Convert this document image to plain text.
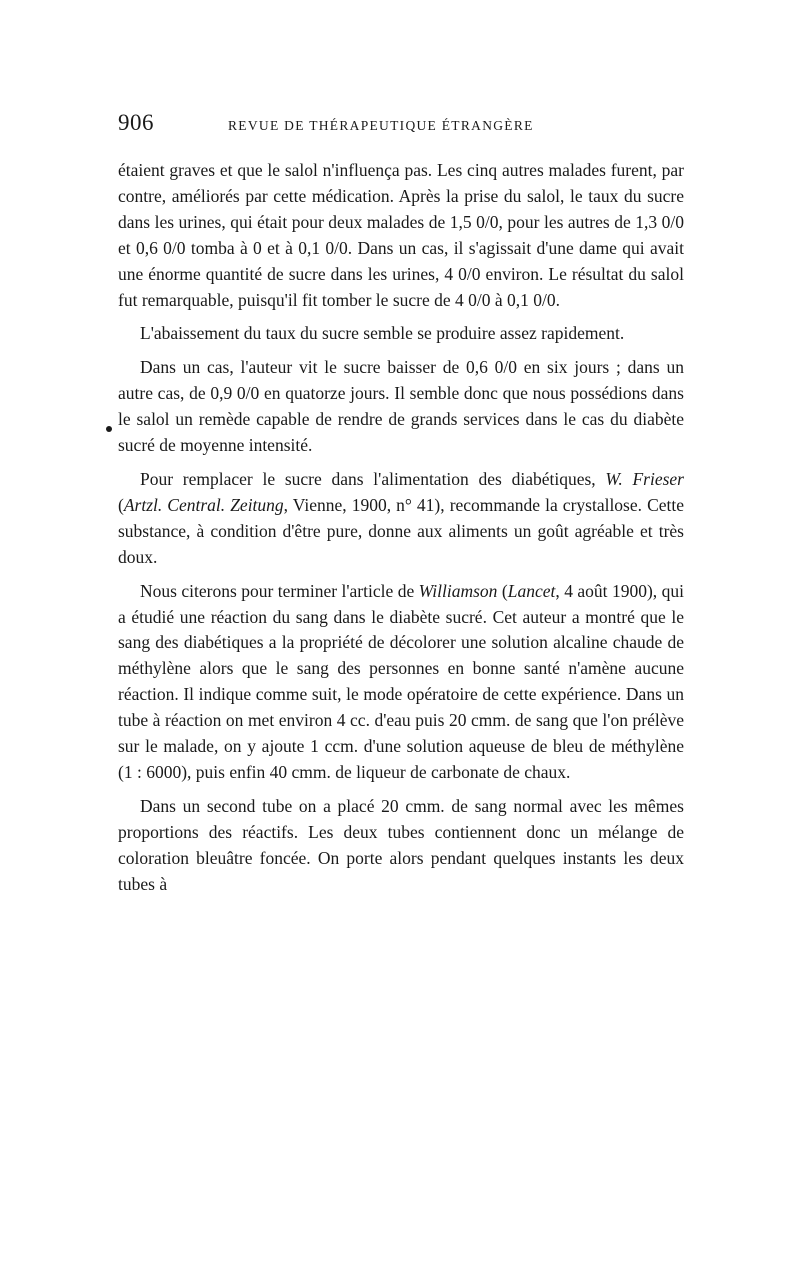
906	REVUE DE THÉRAPEUTIQUE ÉTRANGÈRE

étaient graves et que le salol n'influença pas. Les cinq autres malades furent, par contre, améliorés par cette médication. Après la prise du salol, le taux du sucre dans les urines, qui était pour deux malades de 1,5 0/0, pour les autres de 1,3 0/0 et 0,6 0/0 tomba à 0 et à 0,1 0/0. Dans un cas, il s'agissait d'une dame qui avait une énorme quantité de sucre dans les urines, 4 0/0 environ. Le résultat du salol fut remarquable, puisqu'il fit tomber le sucre de 4 0/0 à 0,1 0/0.

L'abaissement du taux du sucre semble se produire assez rapidement.

Dans un cas, l'auteur vit le sucre baisser de 0,6 0/0 en six jours ; dans un autre cas, de 0,9 0/0 en quatorze jours. Il semble donc que nous possédions dans le salol un remède capable de rendre de grands services dans le cas du diabète sucré de moyenne intensité.

Pour remplacer le sucre dans l'alimentation des diabétiques, W. Frieser (Artzl. Central. Zeitung, Vienne, 1900, n° 41), recommande la crystallose. Cette substance, à condition d'être pure, donne aux aliments un goût agréable et très doux.

Nous citerons pour terminer l'article de Williamson (Lancet, 4 août 1900), qui a étudié une réaction du sang dans le diabète sucré. Cet auteur a montré que le sang des diabétiques a la propriété de décolorer une solution alcaline chaude de méthylène alors que le sang des personnes en bonne santé n'amène aucune réaction. Il indique comme suit, le mode opératoire de cette expérience. Dans un tube à réaction on met environ 4 cc. d'eau puis 20 cmm. de sang que l'on prélève sur le malade, on y ajoute 1 ccm. d'une solution aqueuse de bleu de méthylène (1 : 6000), puis enfin 40 cmm. de liqueur de carbonate de chaux.

Dans un second tube on a placé 20 cmm. de sang normal avec les mêmes proportions des réactifs. Les deux tubes contiennent donc un mélange de coloration bleuâtre foncée. On porte alors pendant quelques instants les deux tubes à
